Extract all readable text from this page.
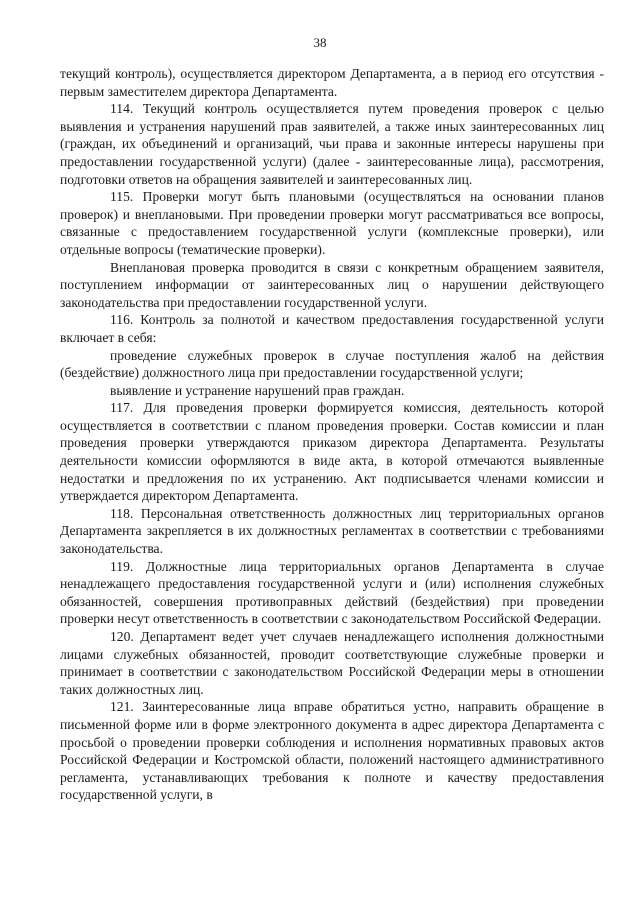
38

текущий контроль), осуществляется директором Департамента, а в период его отсутствия - первым заместителем директора Департамента.

114. Текущий контроль осуществляется путем проведения проверок с целью выявления и устранения нарушений прав заявителей, а также иных заинтересованных лиц (граждан, их объединений и организаций, чьи права и законные интересы нарушены при предоставлении государственной услуги) (далее - заинтересованные лица), рассмотрения, подготовки ответов на обращения заявителей и заинтересованных лиц.

115. Проверки могут быть плановыми (осуществляться на основании планов проверок) и внеплановыми. При проведении проверки могут рассматриваться все вопросы, связанные с предоставлением государственной услуги (комплексные проверки), или отдельные вопросы (тематические проверки).

Внеплановая проверка проводится в связи с конкретным обращением заявителя, поступлением информации от заинтересованных лиц о нарушении действующего законодательства при предоставлении государственной услуги.

116. Контроль за полнотой и качеством предоставления государственной услуги включает в себя:

проведение служебных проверок в случае поступления жалоб на действия (бездействие) должностного лица при предоставлении государственной услуги;

выявление и устранение нарушений прав граждан.

117. Для проведения проверки формируется комиссия, деятельность которой осуществляется в соответствии с планом проведения проверки. Состав комиссии и план проведения проверки утверждаются приказом директора Департамента. Результаты деятельности комиссии оформляются в виде акта, в которой отмечаются выявленные недостатки и предложения по их устранению. Акт подписывается членами комиссии и утверждается директором Департамента.

118. Персональная ответственность должностных лиц территориальных органов Департамента закрепляется в их должностных регламентах в соответствии с требованиями законодательства.

119. Должностные лица территориальных органов Департамента в случае ненадлежащего предоставления государственной услуги и (или) исполнения служебных обязанностей, совершения противоправных действий (бездействия) при проведении проверки несут ответственность в соответствии с законодательством Российской Федерации.

120. Департамент ведет учет случаев ненадлежащего исполнения должностными лицами служебных обязанностей, проводит соответствующие служебные проверки и принимает в соответствии с законодательством Российской Федерации меры в отношении таких должностных лиц.

121. Заинтересованные лица вправе обратиться устно, направить обращение в письменной форме или в форме электронного документа в адрес директора Департамента с просьбой о проведении проверки соблюдения и исполнения нормативных правовых актов Российской Федерации и Костромской области, положений настоящего административного регламента, устанавливающих требования к полноте и качеству предоставления государственной услуги, в
